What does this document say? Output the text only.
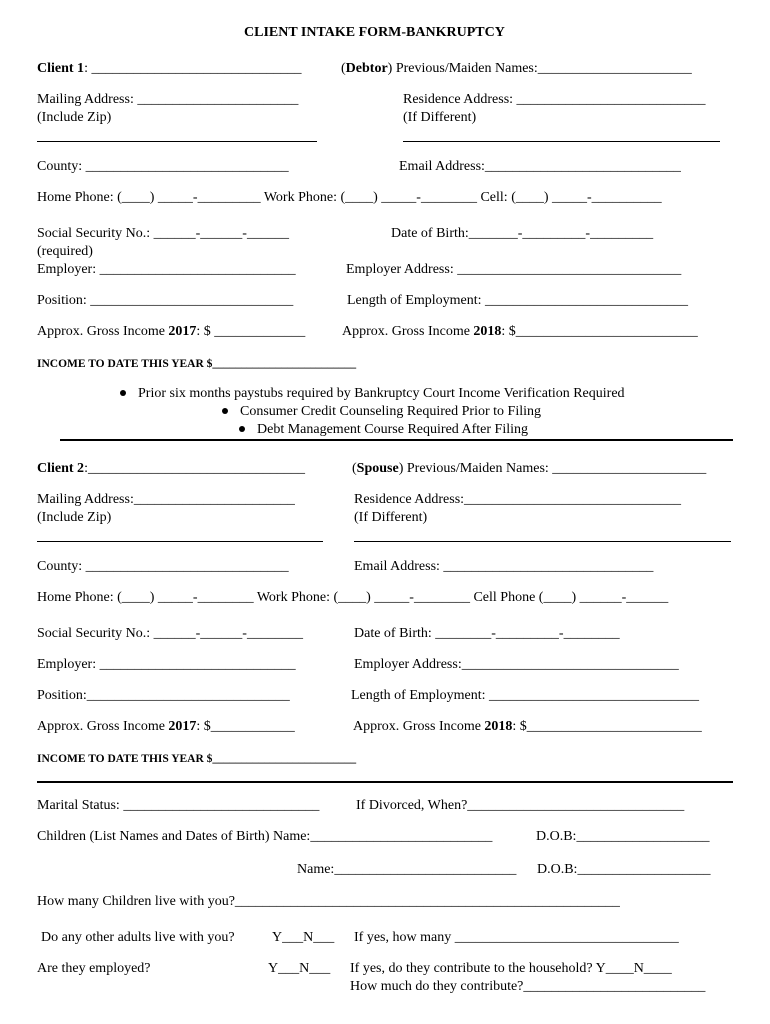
CLIENT INTAKE FORM-BANKRUPTCY
Client 1: ______________________________	(Debtor) Previous/Maiden Names:______________________
Mailing Address: _______________________
(Include Zip)
Residence Address: ___________________________
(If Different)
County: _____________________________	Email Address:____________________________
Home Phone: (____) _____-_________ Work Phone: (____) _____-________ Cell: (____) _____-__________
Social Security No.: ______-______-______
(required)
Date of Birth:_______-_________-_________
Employer: ____________________________	Employer Address: ________________________________
Position: _____________________________	Length of Employment: _____________________________
Approx. Gross Income 2017: $ _____________	Approx. Gross Income 2018: $__________________________
INCOME TO DATE THIS YEAR $_________________________
Prior six months paystubs required by Bankruptcy Court Income Verification Required
Consumer Credit Counseling Required Prior to Filing
Debt Management Course Required After Filing
Client 2:_______________________________	(Spouse) Previous/Maiden Names: ______________________
Mailing Address:_______________________
(Include Zip)
Residence Address:_______________________________
(If Different)
County: _____________________________	Email Address: ______________________________
Home Phone: (____) _____-________ Work Phone: (____) _____-________ Cell Phone (____) ______-______
Social Security No.: ______-______-________	Date of Birth: ________-_________-________
Employer: ____________________________	Employer Address:_______________________________
Position:_____________________________	Length of Employment: ______________________________
Approx. Gross Income 2017: $____________	Approx. Gross Income 2018: $_________________________
INCOME TO DATE THIS YEAR $_________________________
Marital Status: ____________________________	If Divorced, When?_______________________________
Children (List Names and Dates of Birth) Name:__________________________	D.O.B:___________________
Name:__________________________ D.O.B:___________________
How many Children live with you?_______________________________________________________
Do any other adults live with you?	Y___N___ If yes, how many ________________________________
Are they employed?	Y___N___ If yes, do they contribute to the household? Y____N____
How much do they contribute?__________________________
